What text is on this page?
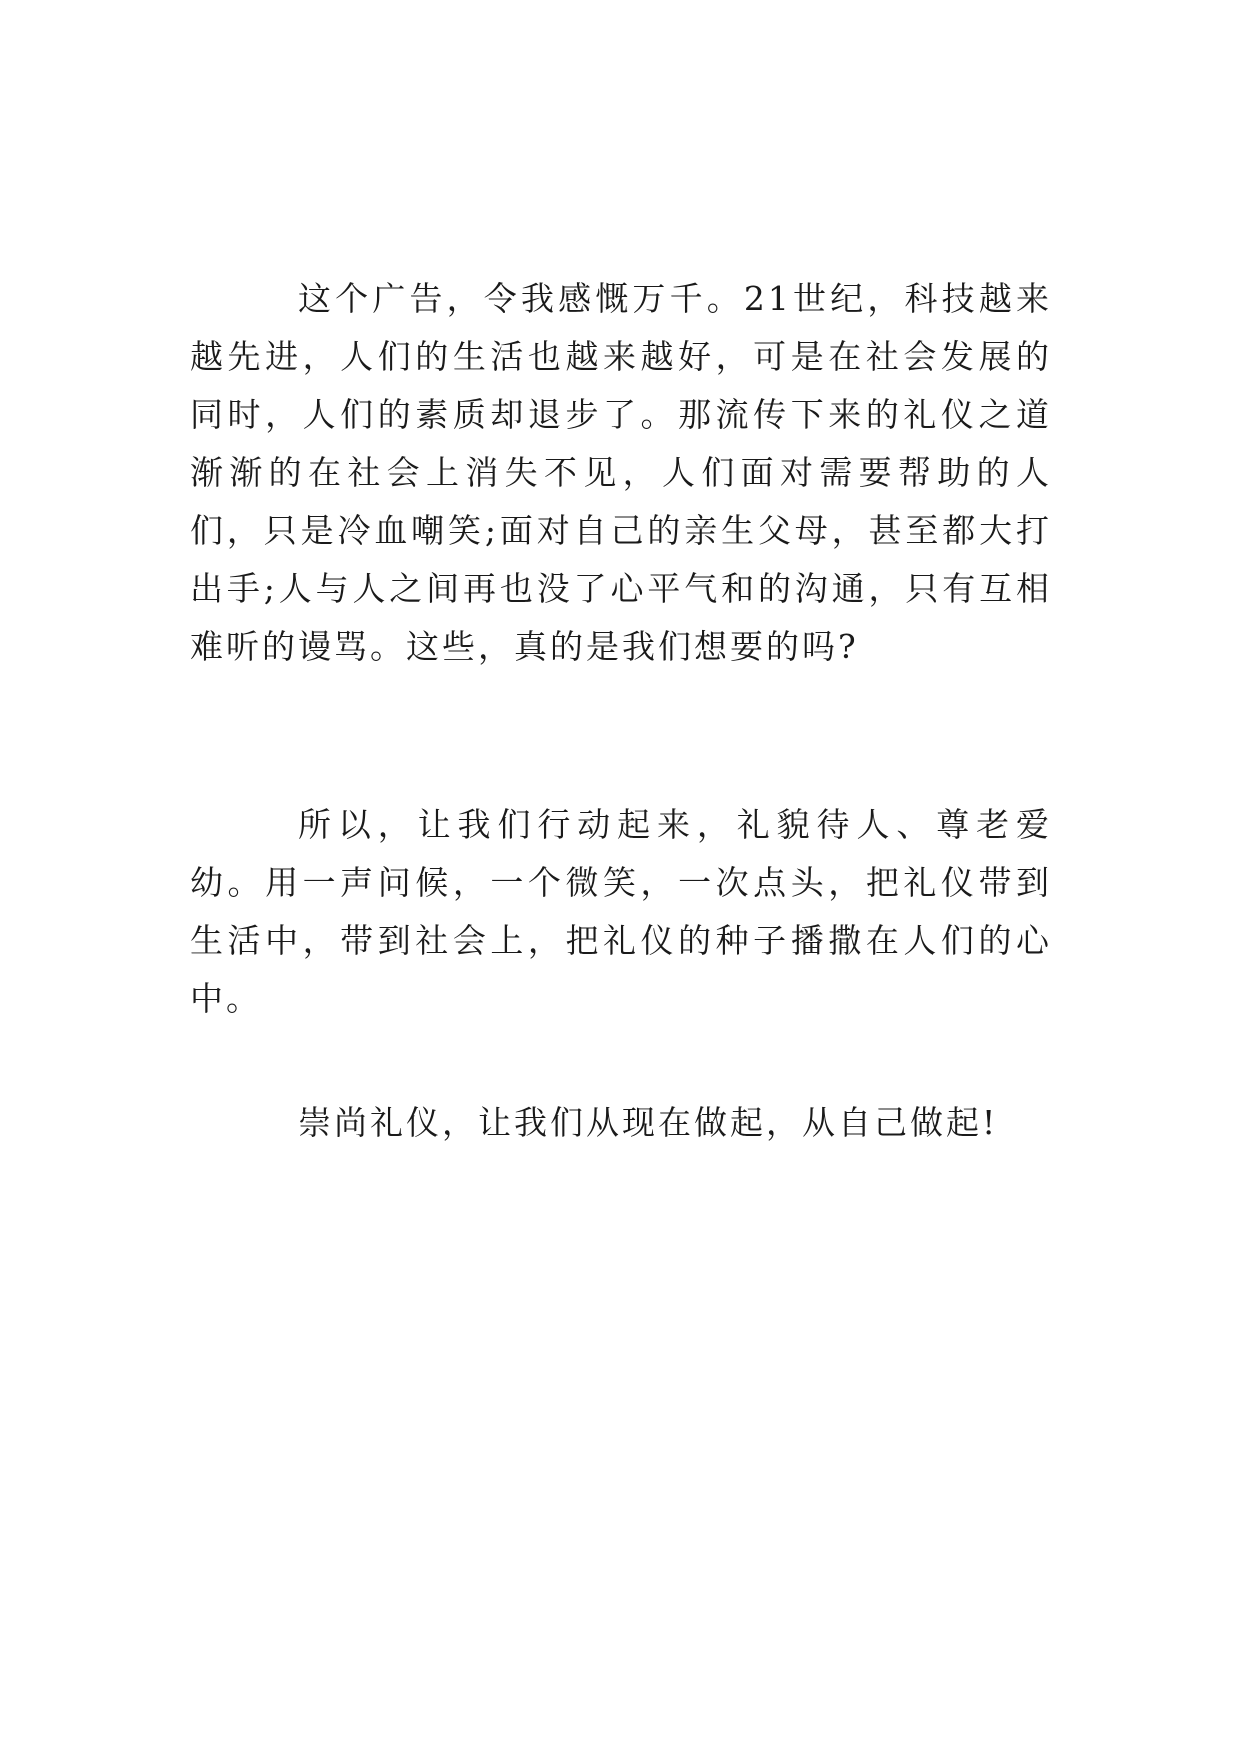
这个广告，令我感慨万千。21世纪，科技越来越先进，人们的生活也越来越好，可是在社会发展的同时，人们的素质却退步了。那流传下来的礼仪之道渐渐的在社会上消失不见，人们面对需要帮助的人们，只是冷血嘲笑;面对自己的亲生父母，甚至都大打出手;人与人之间再也没了心平气和的沟通，只有互相难听的谩骂。这些，真的是我们想要的吗?

所以，让我们行动起来，礼貌待人、尊老爱幼。用一声问候，一个微笑，一次点头，把礼仪带到生活中，带到社会上，把礼仪的种子播撒在人们的心中。

崇尚礼仪，让我们从现在做起，从自己做起!
